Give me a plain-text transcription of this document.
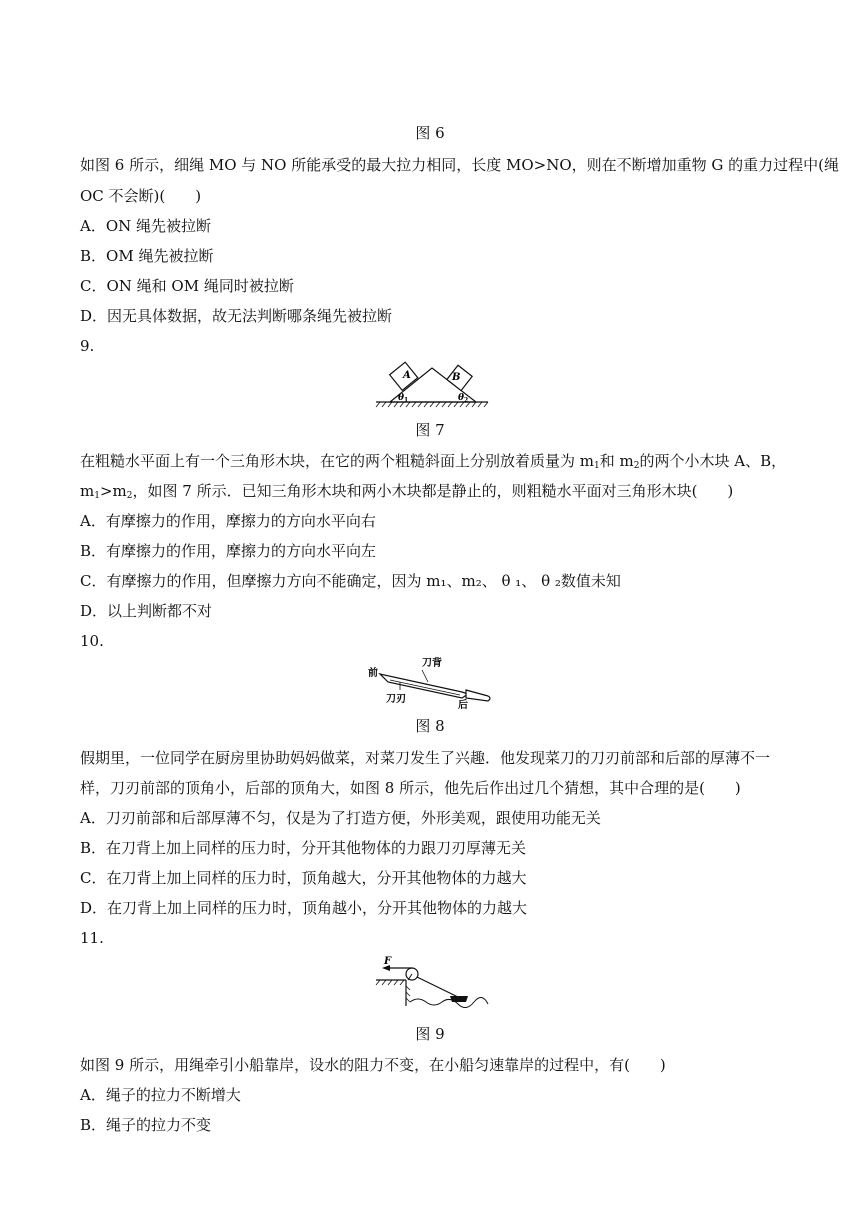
图 6
如图 6 所示，细绳 MO 与 NO 所能承受的最大拉力相同，长度 MO>NO，则在不断增加重物 G 的重力过程中(绳
OC 不会断)(　　)
A．ON 绳先被拉断
B．OM 绳先被拉断
C．ON 绳和 OM 绳同时被拉断
D．因无具体数据，故无法判断哪条绳先被拉断
9.
A	B
θ 1	θ 2
图 7
在粗糙水平面上有一个三角形木块，在它的两个粗糙斜面上分别放着质量为 $m_1$和 $m_2$的两个小木块 A、B，
$m_1>m_2$，如图 7 所示．已知三角形木块和两小木块都是静止的，则粗糙水平面对三角形木块(　　)
A．有摩擦力的作用，摩擦力的方向水平向右
B．有摩擦力的作用，摩擦力的方向水平向左
C．有摩擦力的作用，但摩擦力方向不能确定，因为 m₁、m₂、 θ ₁、 θ ₂数值未知
D．以上判断都不对
10.
前
刀背
刀刃
后
图 8
假期里，一位同学在厨房里协助妈妈做菜，对菜刀发生了兴趣．他发现菜刀的刀刃前部和后部的厚薄不一
样，刀刃前部的顶角小，后部的顶角大，如图 8 所示，他先后作出过几个猜想，其中合理的是(　　)
A．刀刃前部和后部厚薄不匀，仅是为了打造方便，外形美观，跟使用功能无关
B．在刀背上加上同样的压力时，分开其他物体的力跟刀刃厚薄无关
C．在刀背上加上同样的压力时，顶角越大，分开其他物体的力越大
D．在刀背上加上同样的压力时，顶角越小，分开其他物体的力越大
11.
F
图 9
如图 9 所示，用绳牵引小船靠岸，设水的阻力不变，在小船匀速靠岸的过程中，有(　　)
A．绳子的拉力不断增大
B．绳子的拉力不变
